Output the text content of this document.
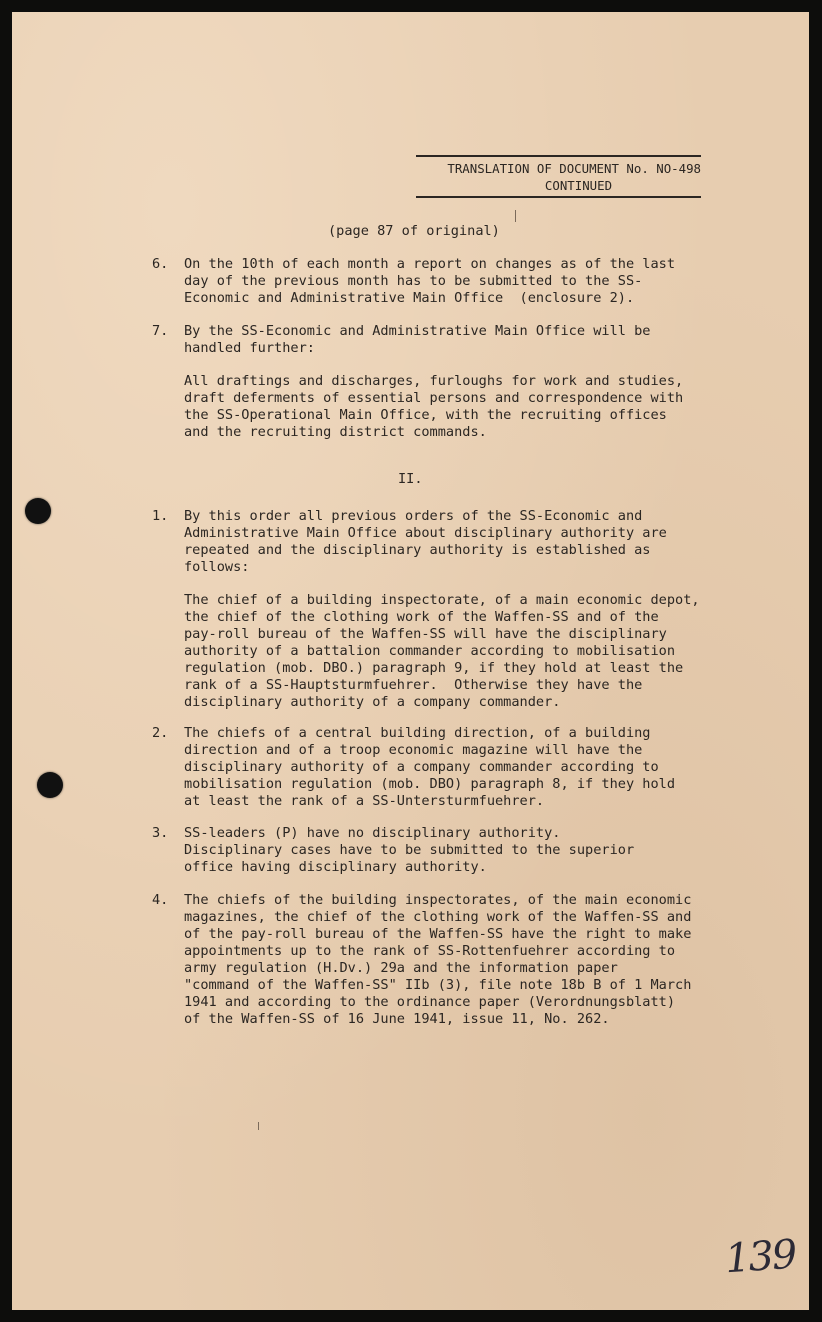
TRANSLATION OF DOCUMENT No. NO-498
CONTINUED
(page 87 of original)
6. On the 10th of each month a report on changes as of the last
day of the previous month has to be submitted to the SS-
Economic and Administrative Main Office  (enclosure 2).
7. By the SS-Economic and Administrative Main Office will be
handled further:
All draftings and discharges, furloughs for work and studies,
draft deferments of essential persons and correspondence with
the SS-Operational Main Office, with the recruiting offices
and the recruiting district commands.
II.
1. By this order all previous orders of the SS-Economic and
Administrative Main Office about disciplinary authority are
repeated and the disciplinary authority is established as
follows:
The chief of a building inspectorate, of a main economic depot,
the chief of the clothing work of the Waffen-SS and of the
pay-roll bureau of the Waffen-SS will have the disciplinary
authority of a battalion commander according to mobilisation
regulation (mob. DBO.) paragraph 9, if they hold at least the
rank of a SS-Hauptsturmfuehrer.  Otherwise they have the
disciplinary authority of a company commander.
2. The chiefs of a central building direction, of a building
direction and of a troop economic magazine will have the
disciplinary authority of a company commander according to
mobilisation regulation (mob. DBO) paragraph 8, if they hold
at least the rank of a SS-Untersturmfuehrer.
3. SS-leaders (P) have no disciplinary authority.
Disciplinary cases have to be submitted to the superior
office having disciplinary authority.
4. The chiefs of the building inspectorates, of the main economic
magazines, the chief of the clothing work of the Waffen-SS and
of the pay-roll bureau of the Waffen-SS have the right to make
appointments up to the rank of SS-Rottenfuehrer according to
army regulation (H.Dv.) 29a and the information paper
"command of the Waffen-SS" IIb (3), file note 18b B of 1 March
1941 and according to the ordinance paper (Verordnungsblatt)
of the Waffen-SS of 16 June 1941, issue 11, No. 262.
139
